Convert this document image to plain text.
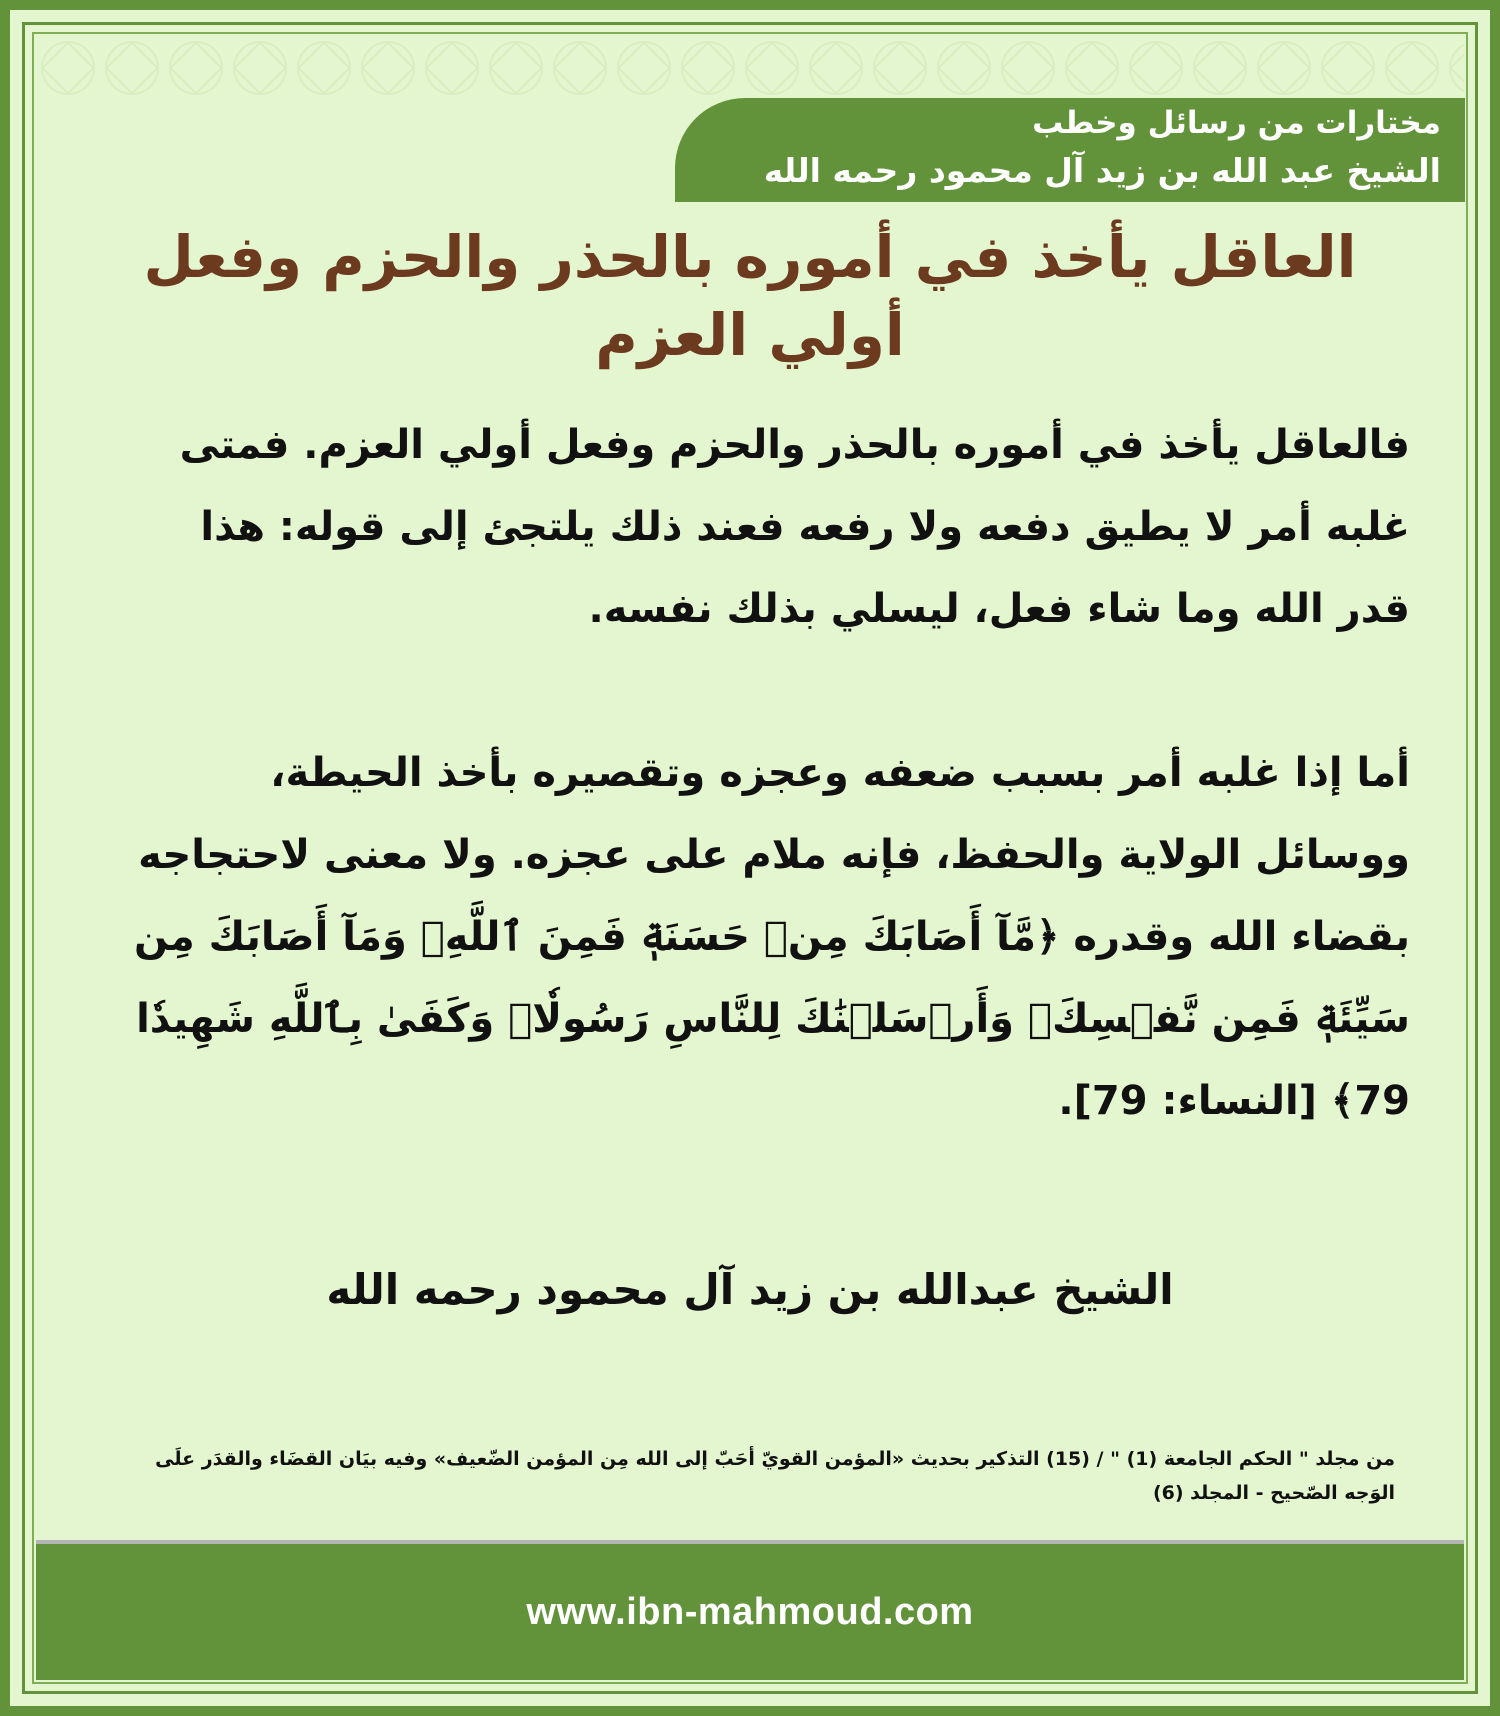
مختارات من رسائل وخطب
الشيخ عبد الله بن زيد آل محمود رحمه الله
العاقل يأخذ في أموره بالحذر والحزم وفعل أولي العزم

فالعاقل يأخذ في أموره بالحذر والحزم وفعل أولي العزم. فمتى غلبه أمر لا يطيق دفعه ولا رفعه فعند ذلك يلتجئ إلى قوله: هذا قدر الله وما شاء فعل، ليسلي بذلك نفسه.

أما إذا غلبه أمر بسبب ضعفه وعجزه وتقصيره بأخذ الحيطة، ووسائل الولاية والحفظ، فإنه ملام على عجزه. ولا معنى لاحتجاجه بقضاء الله وقدره ﴿مَّآ أَصَابَكَ مِنۡ حَسَنَةٖ فَمِنَ ٱللَّهِۖ وَمَآ أَصَابَكَ مِن سَيِّئَةٖ فَمِن نَّفۡسِكَۚ وَأَرۡسَلۡنَٰكَ لِلنَّاسِ رَسُولٗاۚ وَكَفَىٰ بِٱللَّهِ شَهِيدٗا 79﴾ [النساء: 79].

الشيخ عبدالله بن زيد آل محمود رحمه الله
من مجلد " الحكم الجامعة (1) " / (15) التذكير بحديث «المؤمن القويّ أحَبّ إلى الله مِن المؤمن الضّعيف» وفيه بيَان القضَاء والقدَر علَى الوَجه الصّحيح - المجلد (6)
www.ibn-mahmoud.com
